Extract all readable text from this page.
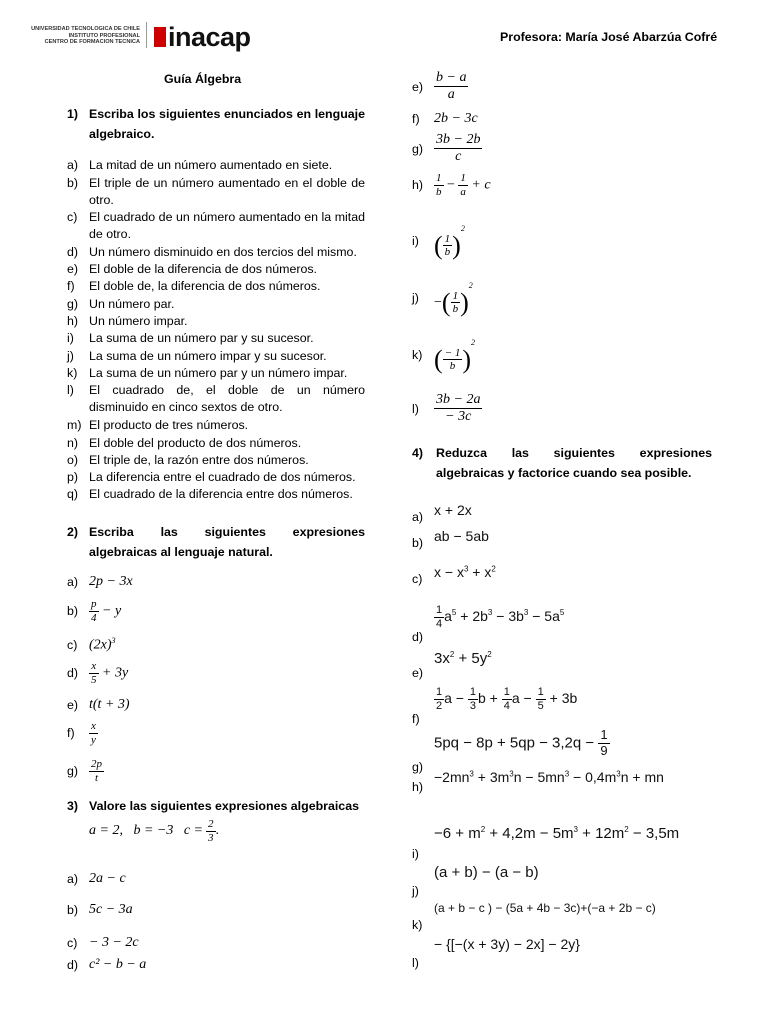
UNIVERSIDAD TECNOLOGICA DE CHILE
INSTITUTO PROFESIONAL
CENTRO DE FORMACION TECNICA inacap	Profesora: María José Abarzúa Cofré
Guía Álgebra
1) Escriba los siguientes enunciados en lenguaje algebraico.
a) La mitad de un número aumentado en siete.
b) El triple de un número aumentado en el doble de otro.
c) El cuadrado de un número aumentado en la mitad de otro.
d) Un número disminuido en dos tercios del mismo.
e) El doble de la diferencia de dos números.
f)	El doble de, la diferencia de dos números.
g) Un número par.
h) Un número impar.
i)	La suma de un número par y su sucesor.
j)	La suma de un número impar y su sucesor.
k) La suma de un número par y un número impar.
l)	El cuadrado de, el doble de un número disminuido en cinco sextos de otro.
m) El producto de tres números.
n) El doble del producto de dos números.
o) El triple de, la razón entre dos números.
p) La diferencia entre el cuadrado de dos números.
q) El cuadrado de la diferencia entre dos números.
2) Escriba las siguientes expresiones algebraicas al lenguaje natural.
a) 2p − 3x
$b) \frac{p}{4} - y$
c) $(2x)^3$
$d) \frac{x}{5} + 3y$
e) t(t + 3)
f)	$\frac{x}{y}$
$g) \frac{2p}{t}$
3) Valore las siguientes expresiones algebraicas
a = 2,   b = −3   $c = \frac{2}{3}$ .
a) 2a − c
b) 5c − 3a
c) − 3 − 2c
d) c² − b − a
$e) \frac{b - a}{a}$
f)	2b − 3c
$g) \frac{3b - 2b}{c}$
$h) \frac{1}{b} - \frac{1}{a} + c$
i) ( $\frac{1}{b} )^2$
j)	−( $\frac{1}{b} )^2$
k) ( $\frac{- 1}{b} )^2$
l)	$\frac{3b - 2a}{- 3c}$
4) Reduzca las siguientes expresiones algebraicas y factorice cuando sea posible.
a) x + 2x
b) ab − 5ab
c) $x - x^3 + x^2$
d)
$\frac{1}{4} a^5 + 2b^3 - 3b^3 - 5a^5$
e)
$3x^2 + 5y^2$
f)
$\frac{1}{2}$ $a - \frac{1}{3}$ $b + \frac{1}{4}$ $a - \frac{1}{5} + 3b$
g)
$5pq - 8p + 5qp - 3,2q - \frac{1}{9}$
h)
$-2mn^3 + 3m^3n - 5mn^3 - 0,4m^3n$ + mn
i)
$-6 + m^2 + 4,2m - 5m^3 + 12m^2 - 3,5m$
j)
(a + b) − (a − b)
k)
(a + b − c ) − (5a + 4b − 3c)+(−a + 2b − c)
l)
− {[−(x + 3y) − 2x] − 2y}
